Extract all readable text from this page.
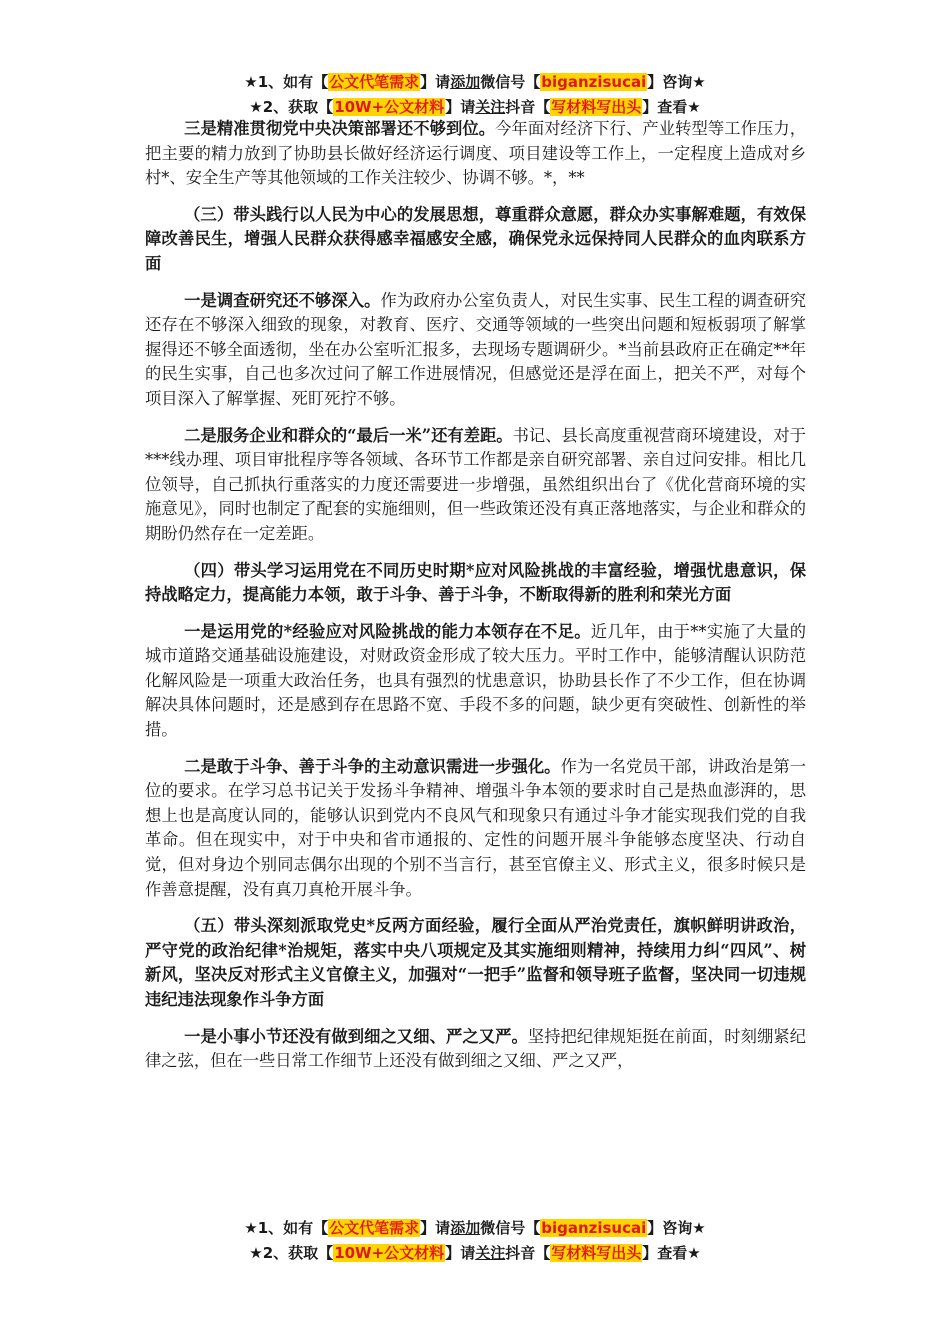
★1、如有【公文代笔需求】请添加微信号【biganzisucai】咨询★
★2、获取【10W+公文材料】请关注抖音【写材料写出头】查看★

三是精准贯彻党中央决策部署还不够到位。今年面对经济下行、产业转型等工作压力，把主要的精力放到了协助县长做好经济运行调度、项目建设等工作上，一定程度上造成对乡村*、安全生产等其他领域的工作关注较少、协调不够。*，**

（三）带头践行以人民为中心的发展思想，尊重群众意愿，群众办实事解难题，有效保障改善民生，增强人民群众获得感幸福感安全感，确保党永远保持同人民群众的血肉联系方面

一是调查研究还不够深入。作为政府办公室负责人，对民生实事、民生工程的调查研究还存在不够深入细致的现象，对教育、医疗、交通等领域的一些突出问题和短板弱项了解掌握得还不够全面透彻，坐在办公室听汇报多，去现场专题调研少。*当前县政府正在确定**年的民生实事，自己也多次过问了解工作进展情况，但感觉还是浮在面上，把关不严，对每个项目深入了解掌握、死盯死拧不够。

二是服务企业和群众的“最后一米”还有差距。书记、县长高度重视营商环境建设，对于***线办理、项目审批程序等各领域、各环节工作都是亲自研究部署、亲自过问安排。相比几位领导，自己抓执行重落实的力度还需要进一步增强，虽然组织出台了《优化营商环境的实施意见》，同时也制定了配套的实施细则，但一些政策还没有真正落地落实，与企业和群众的期盼仍然存在一定差距。

（四）带头学习运用党在不同历史时期*应对风险挑战的丰富经验，增强忧患意识，保持战略定力，提高能力本领，敢于斗争、善于斗争，不断取得新的胜利和荣光方面

一是运用党的*经验应对风险挑战的能力本领存在不足。近几年，由于**实施了大量的城市道路交通基础设施建设，对财政资金形成了较大压力。平时工作中，能够清醒认识防范化解风险是一项重大政治任务，也具有强烈的忧患意识，协助县长作了不少工作，但在协调解决具体问题时，还是感到存在思路不宽、手段不多的问题，缺少更有突破性、创新性的举措。

二是敢于斗争、善于斗争的主动意识需进一步强化。作为一名党员干部，讲政治是第一位的要求。在学习总书记关于发扬斗争精神、增强斗争本领的要求时自己是热血澎湃的，思想上也是高度认同的，能够认识到党内不良风气和现象只有通过斗争才能实现我们党的自我革命。但在现实中，对于中央和省市通报的、定性的问题开展斗争能够态度坚决、行动自觉，但对身边个别同志偶尔出现的个别不当言行，甚至官僚主义、形式主义，很多时候只是作善意提醒，没有真刀真枪开展斗争。

（五）带头深刻派取党史*反两方面经验，履行全面从严治党责任，旗帜鲜明讲政治，严守党的政治纪律*治规矩，落实中央八项规定及其实施细则精神，持续用力纠“四风”、树新风，坚决反对形式主义官僚主义，加强对“一把手”监督和领导班子监督，坚决同一切违规违纪违法现象作斗争方面

一是小事小节还没有做到细之又细、严之又严。坚持把纪律规矩挺在前面，时刻绷紧纪律之弦，但在一些日常工作细节上还没有做到细之又细、严之又严，

★1、如有【公文代笔需求】请添加微信号【biganzisucai】咨询★
★2、获取【10W+公文材料】请关注抖音【写材料写出头】查看★
